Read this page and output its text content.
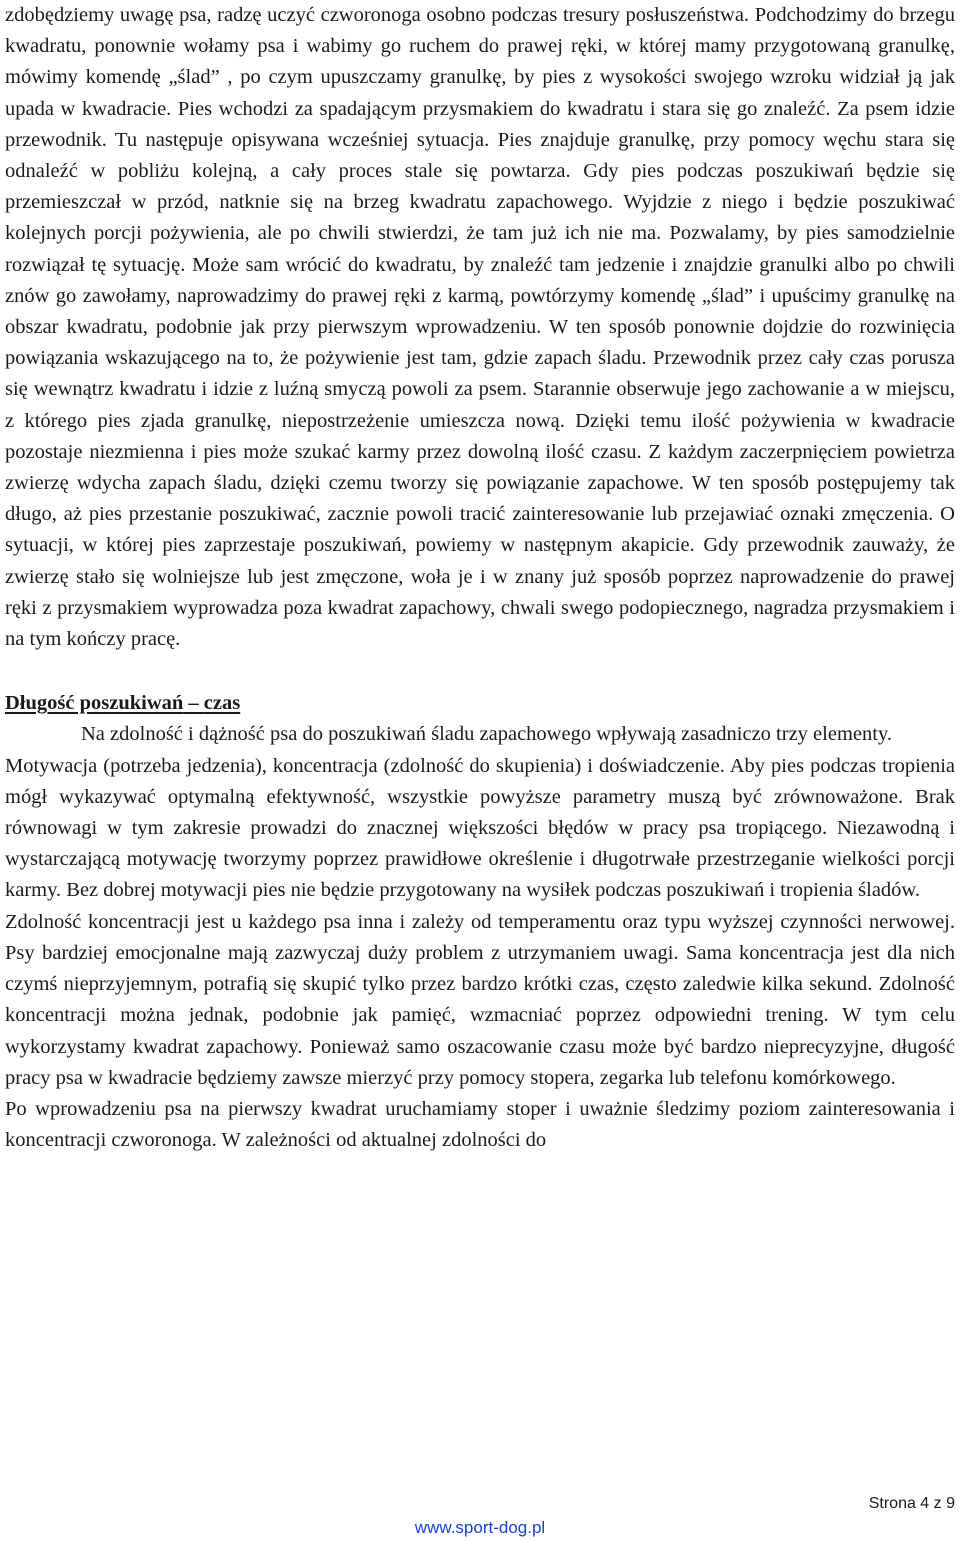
zdobędziemy uwagę psa, radzę uczyć czworonoga osobno podczas tresury posłuszeństwa. Podchodzimy do brzegu kwadratu, ponownie wołamy psa i wabimy go ruchem do prawej ręki, w której mamy przygotowaną granulkę, mówimy komendę „ślad” , po czym upuszczamy granulkę, by pies z wysokości swojego wzroku widział ją jak upada w kwadracie. Pies wchodzi za spadającym przysmakiem do kwadratu i stara się go znaleźć. Za psem idzie przewodnik. Tu następuje opisywana wcześniej sytuacja. Pies znajduje granulkę, przy pomocy węchu stara się odnaleźć w pobliżu kolejną, a cały proces stale się powtarza. Gdy pies podczas poszukiwań będzie się przemieszczał w przód, natknie się na brzeg kwadratu zapachowego. Wyjdzie z niego i będzie poszukiwać kolejnych porcji pożywienia, ale po chwili stwierdzi, że tam już ich nie ma. Pozwalamy, by pies samodzielnie rozwiązał tę sytuację. Może sam wrócić do kwadratu, by znaleźć tam jedzenie i znajdzie granulki albo po chwili znów go zawołamy, naprowadzimy do prawej ręki z karmą, powtórzymy komendę „ślad” i upuścimy granulkę na obszar kwadratu, podobnie jak przy pierwszym wprowadzeniu. W ten sposób ponownie dojdzie do rozwinięcia powiązania wskazującego na to, że pożywienie jest tam, gdzie zapach śladu. Przewodnik przez cały czas porusza się wewnątrz kwadratu i idzie z luźną smyczą powoli za psem. Starannie obserwuje jego zachowanie a w miejscu, z którego pies zjada granulkę, niepostrzeżenie umieszcza nową. Dzięki temu ilość pożywienia w kwadracie pozostaje niezmienna i pies może szukać karmy przez dowolną ilość czasu. Z każdym zaczerpnięciem powietrza zwierzę wdycha zapach śladu, dzięki czemu tworzy się powiązanie zapachowe. W ten sposób postępujemy tak długo, aż pies przestanie poszukiwać, zacznie powoli tracić zainteresowanie lub przejawiać oznaki zmęczenia. O sytuacji, w której pies zaprzestaje poszukiwań, powiemy w następnym akapicie. Gdy przewodnik zauważy, że zwierzę stało się wolniejsze lub jest zmęczone, woła je i w znany już sposób poprzez naprowadzenie do prawej ręki z przysmakiem wyprowadza poza kwadrat zapachowy, chwali swego podopiecznego, nagradza przysmakiem i na tym kończy pracę.

Długość poszukiwań – czas

Na zdolność i dążność psa do poszukiwań śladu zapachowego wpływają zasadniczo trzy elementy.

Motywacja (potrzeba jedzenia), koncentracja (zdolność do skupienia) i doświadczenie. Aby pies podczas tropienia mógł wykazywać optymalną efektywność, wszystkie powyższe parametry muszą być zrównoważone. Brak równowagi w tym zakresie prowadzi do znacznej większości błędów w pracy psa tropiącego. Niezawodną i wystarczającą motywację tworzymy poprzez prawidłowe określenie i długotrwałe przestrzeganie wielkości porcji karmy. Bez dobrej motywacji pies nie będzie przygotowany na wysiłek podczas poszukiwań i tropienia śladów.

Zdolność koncentracji jest u każdego psa inna i zależy od temperamentu oraz typu wyższej czynności nerwowej. Psy bardziej emocjonalne mają zazwyczaj duży problem z utrzymaniem uwagi. Sama koncentracja jest dla nich czymś nieprzyjemnym, potrafią się skupić tylko przez bardzo krótki czas, często zaledwie kilka sekund. Zdolność koncentracji można jednak, podobnie jak pamięć, wzmacniać poprzez odpowiedni trening. W tym celu wykorzystamy kwadrat zapachowy. Ponieważ samo oszacowanie czasu może być bardzo nieprecyzyjne, długość pracy psa w kwadracie będziemy zawsze mierzyć przy pomocy stopera, zegarka lub telefonu komórkowego.

Po wprowadzeniu psa na pierwszy kwadrat uruchamiamy stoper i uważnie śledzimy poziom zainteresowania i koncentracji czworonoga. W zależności od aktualnej zdolności do

Strona 4 z 9
www.sport-dog.pl
